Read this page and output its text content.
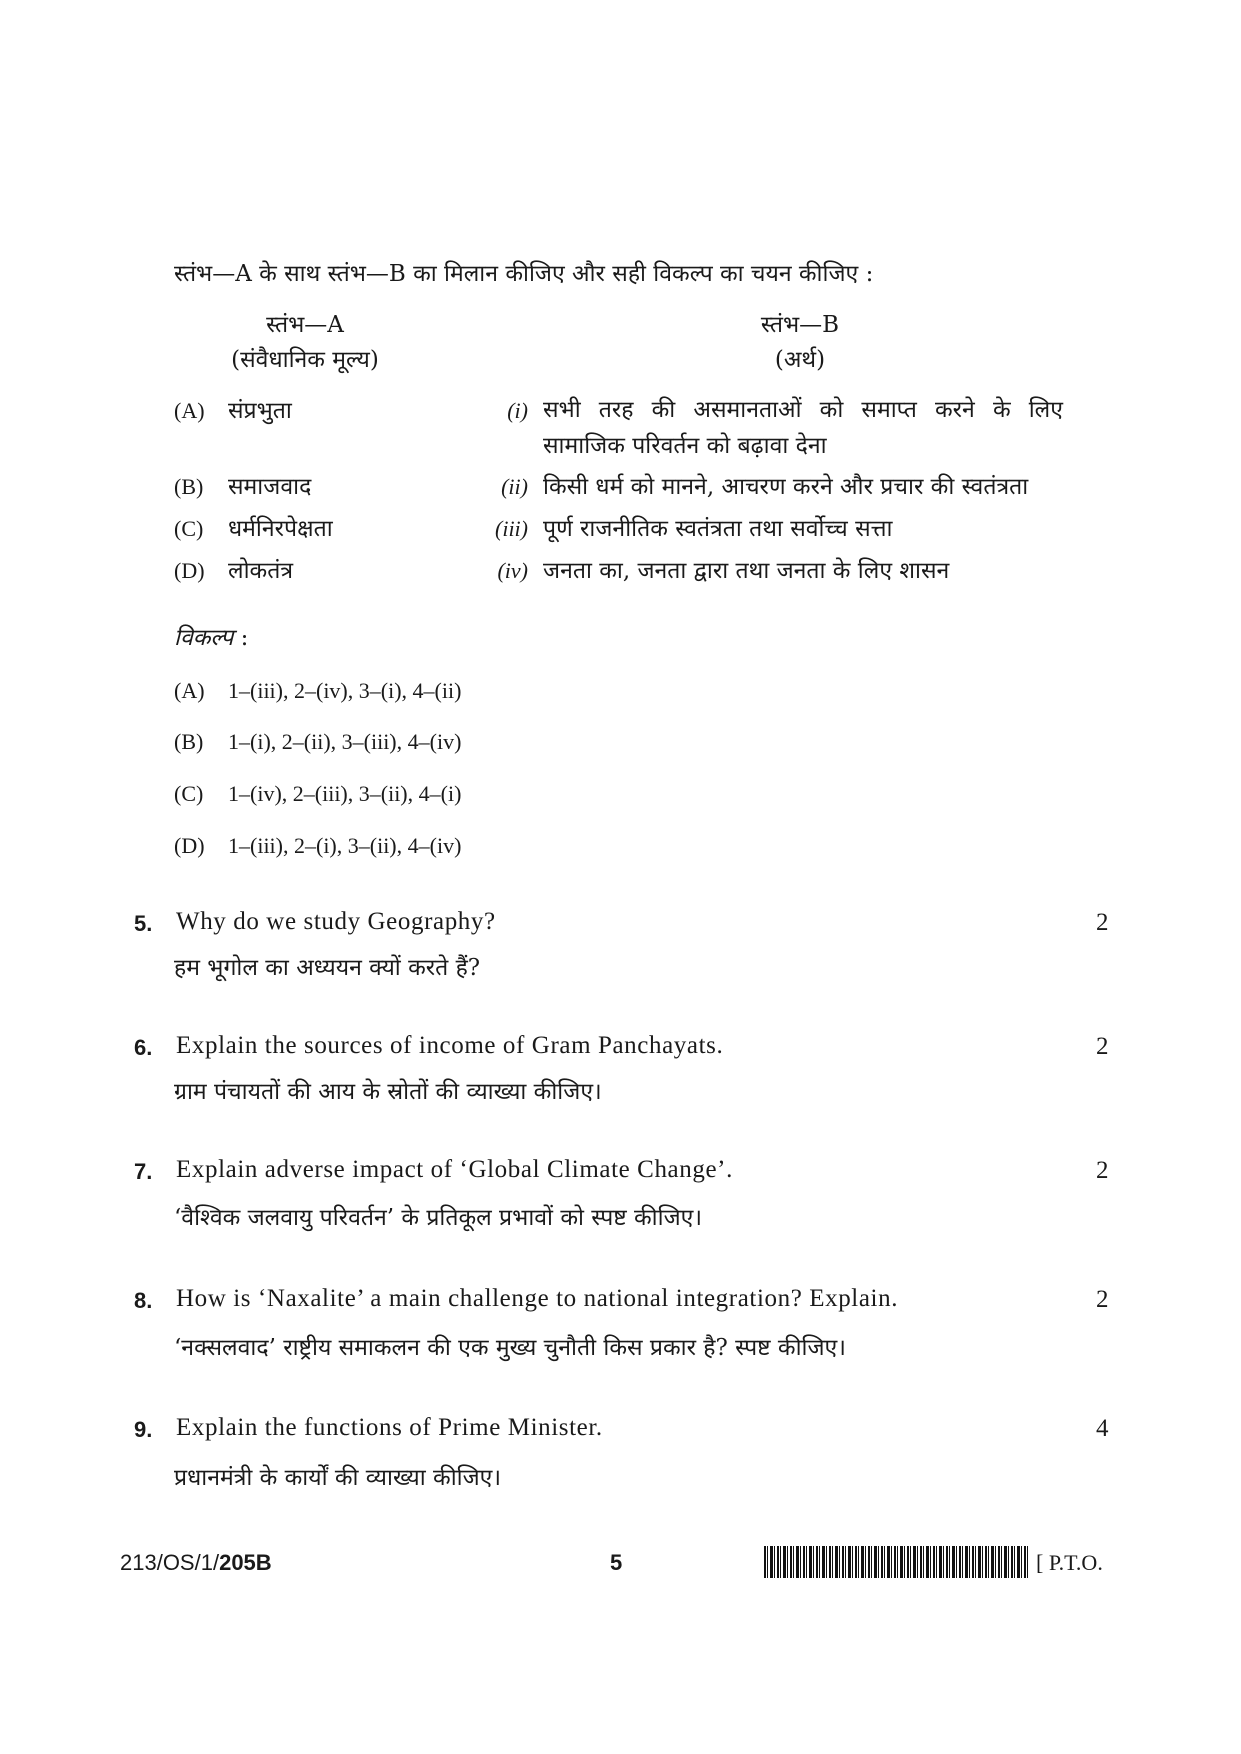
स्तंभ—A के साथ स्तंभ—B का मिलान कीजिए और सही विकल्प का चयन कीजिए :
स्तंभ—A
(संवैधानिक मूल्य)
स्तंभ—B
(अर्थ)
(A) संप्रभुता	(i) सभी तरह की असमानताओं को समाप्त करने के लिए सामाजिक परिवर्तन को बढ़ावा देना
(B) समाजवाद	(ii) किसी धर्म को मानने, आचरण करने और प्रचार की स्वतंत्रता
(C) धर्मनिरपेक्षता	(iii) पूर्ण राजनीतिक स्वतंत्रता तथा सर्वोच्च सत्ता
(D) लोकतंत्र	(iv) जनता का, जनता द्वारा तथा जनता के लिए शासन
विकल्प :
(A) 1–(iii), 2–(iv), 3–(i), 4–(ii)
(B) 1–(i), 2–(ii), 3–(iii), 4–(iv)
(C) 1–(iv), 2–(iii), 3–(ii), 4–(i)
(D) 1–(iii), 2–(i), 3–(ii), 4–(iv)
5. Why do we study Geography?	2
हम भूगोल का अध्ययन क्यों करते हैं?
6. Explain the sources of income of Gram Panchayats.	2
ग्राम पंचायतों की आय के स्रोतों की व्याख्या कीजिए।
7. Explain adverse impact of ‘Global Climate Change’.	2
‘वैश्विक जलवायु परिवर्तन’ के प्रतिकूल प्रभावों को स्पष्ट कीजिए।
8. How is ‘Naxalite’ a main challenge to national integration? Explain.	2
‘नक्सलवाद’ राष्ट्रीय समाकलन की एक मुख्य चुनौती किस प्रकार है? स्पष्ट कीजिए।
9. Explain the functions of Prime Minister.	4
प्रधानमंत्री के कार्यों की व्याख्या कीजिए।
213/OS/1/205B	5	[ P.T.O.
